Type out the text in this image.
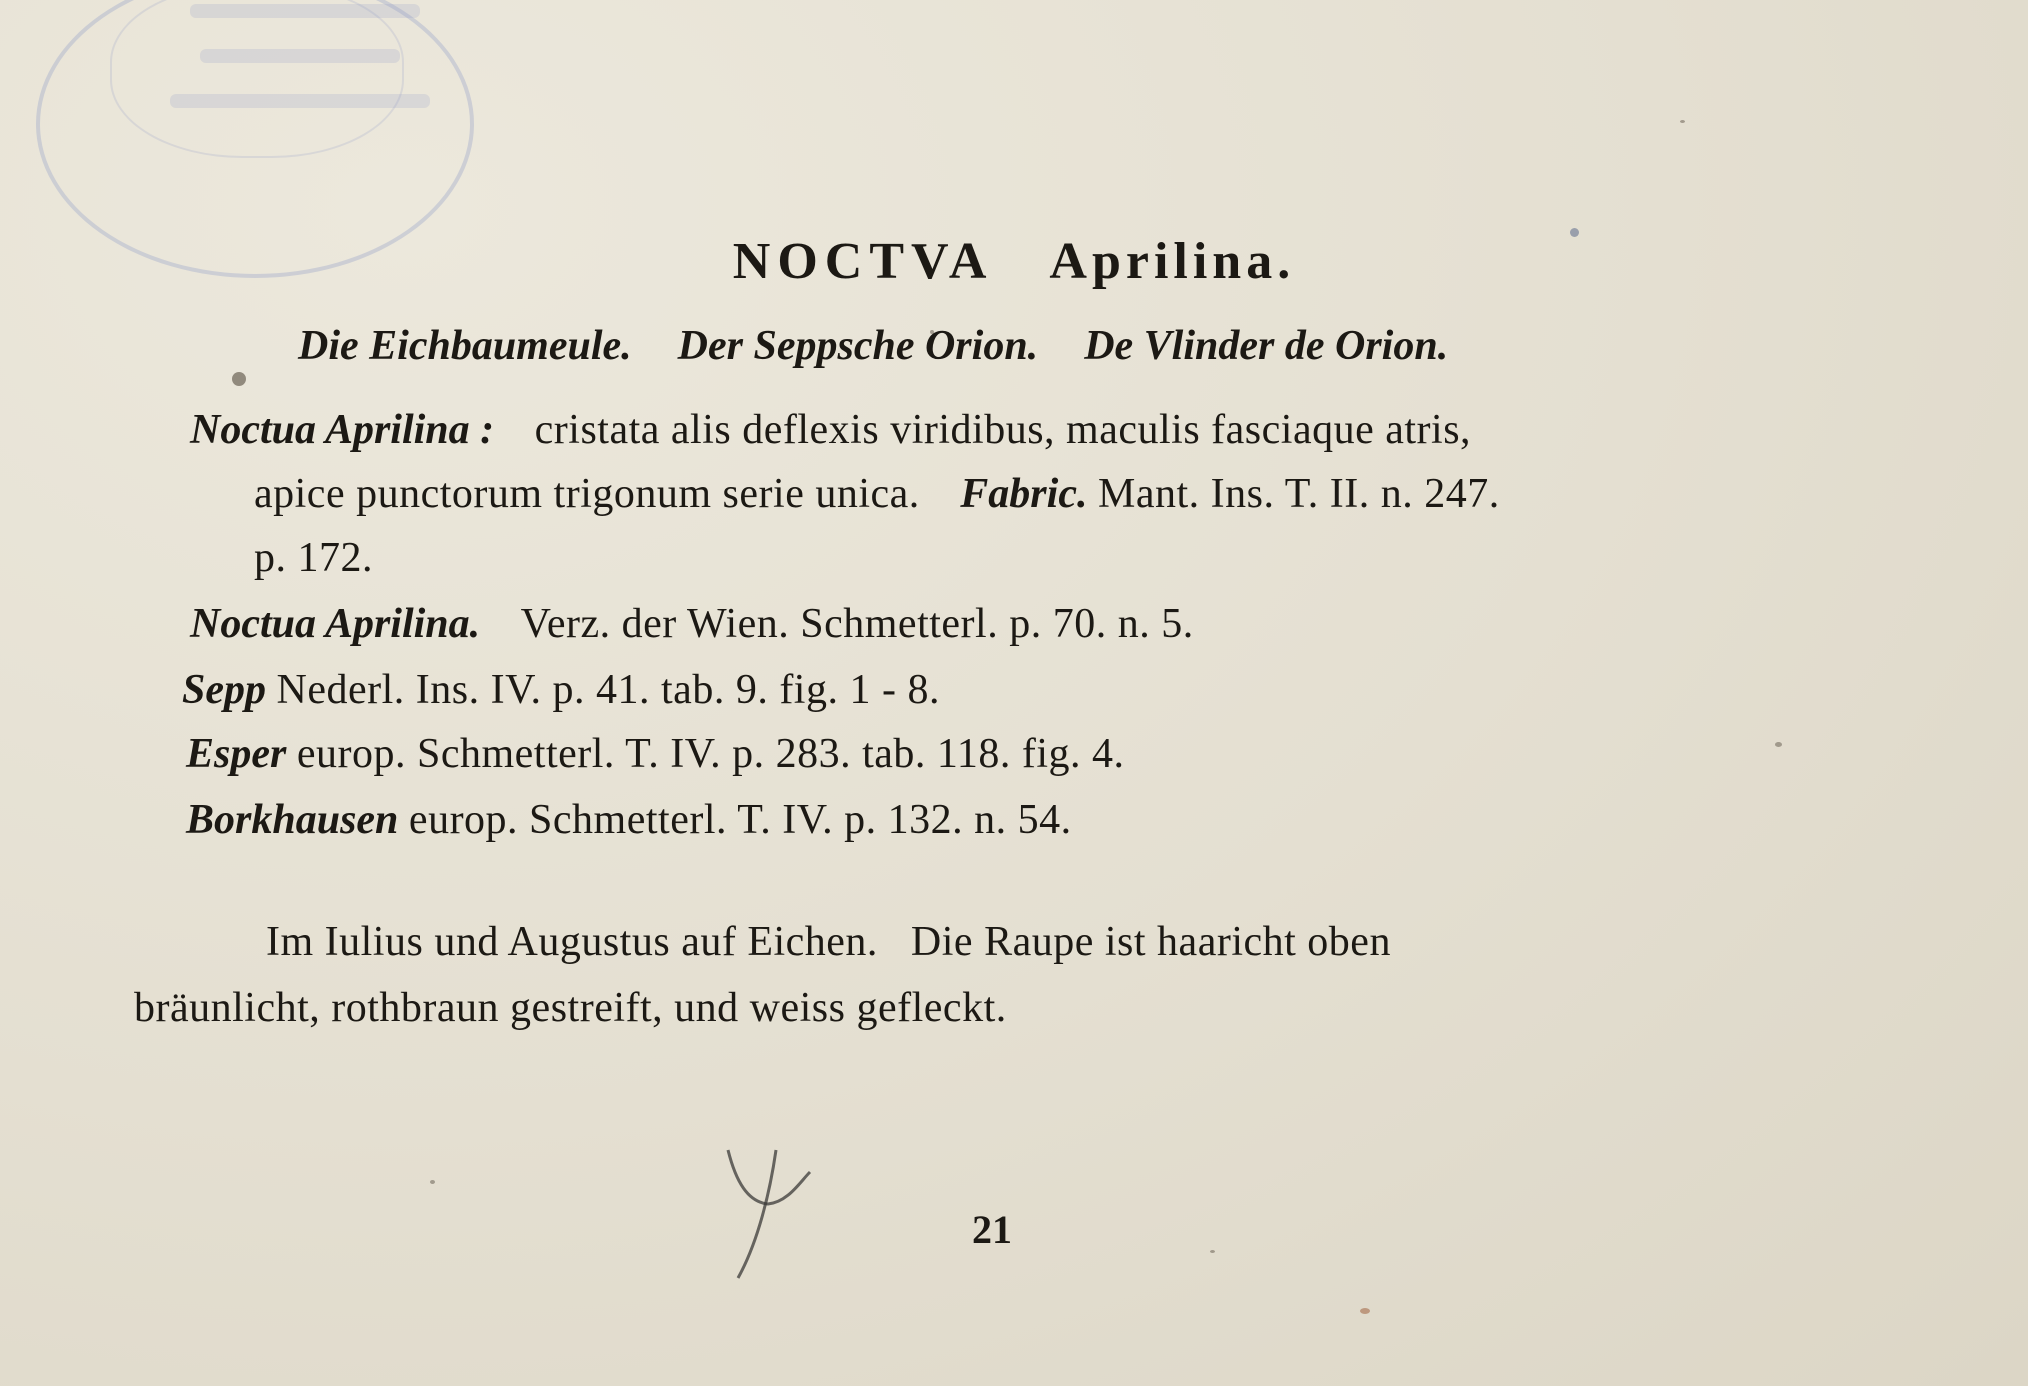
NOCTVA Aprilina.
Die Eichbaumeule. Der Seppsche Orion. De Vlinder de Orion.
Noctua Aprilina : cristata alis deflexis viridibus, maculis fasciaque atris,
apice punctorum trigonum serie unica. Fabric. Mant. Ins. T. II. n. 247.
p. 172.
Noctua Aprilina. Verz. der Wien. Schmetterl. p. 70. n. 5.
Sepp Nederl. Ins. IV. p. 41. tab. 9. fig. 1 - 8.
Esper europ. Schmetterl. T. IV. p. 283. tab. 118. fig. 4.
Borkhausen europ. Schmetterl. T. IV. p. 132. n. 54.
Im Iulius und Augustus auf Eichen.   Die Raupe ist haaricht oben
bräunlicht, rothbraun gestreift, und weiss gefleckt.
21
